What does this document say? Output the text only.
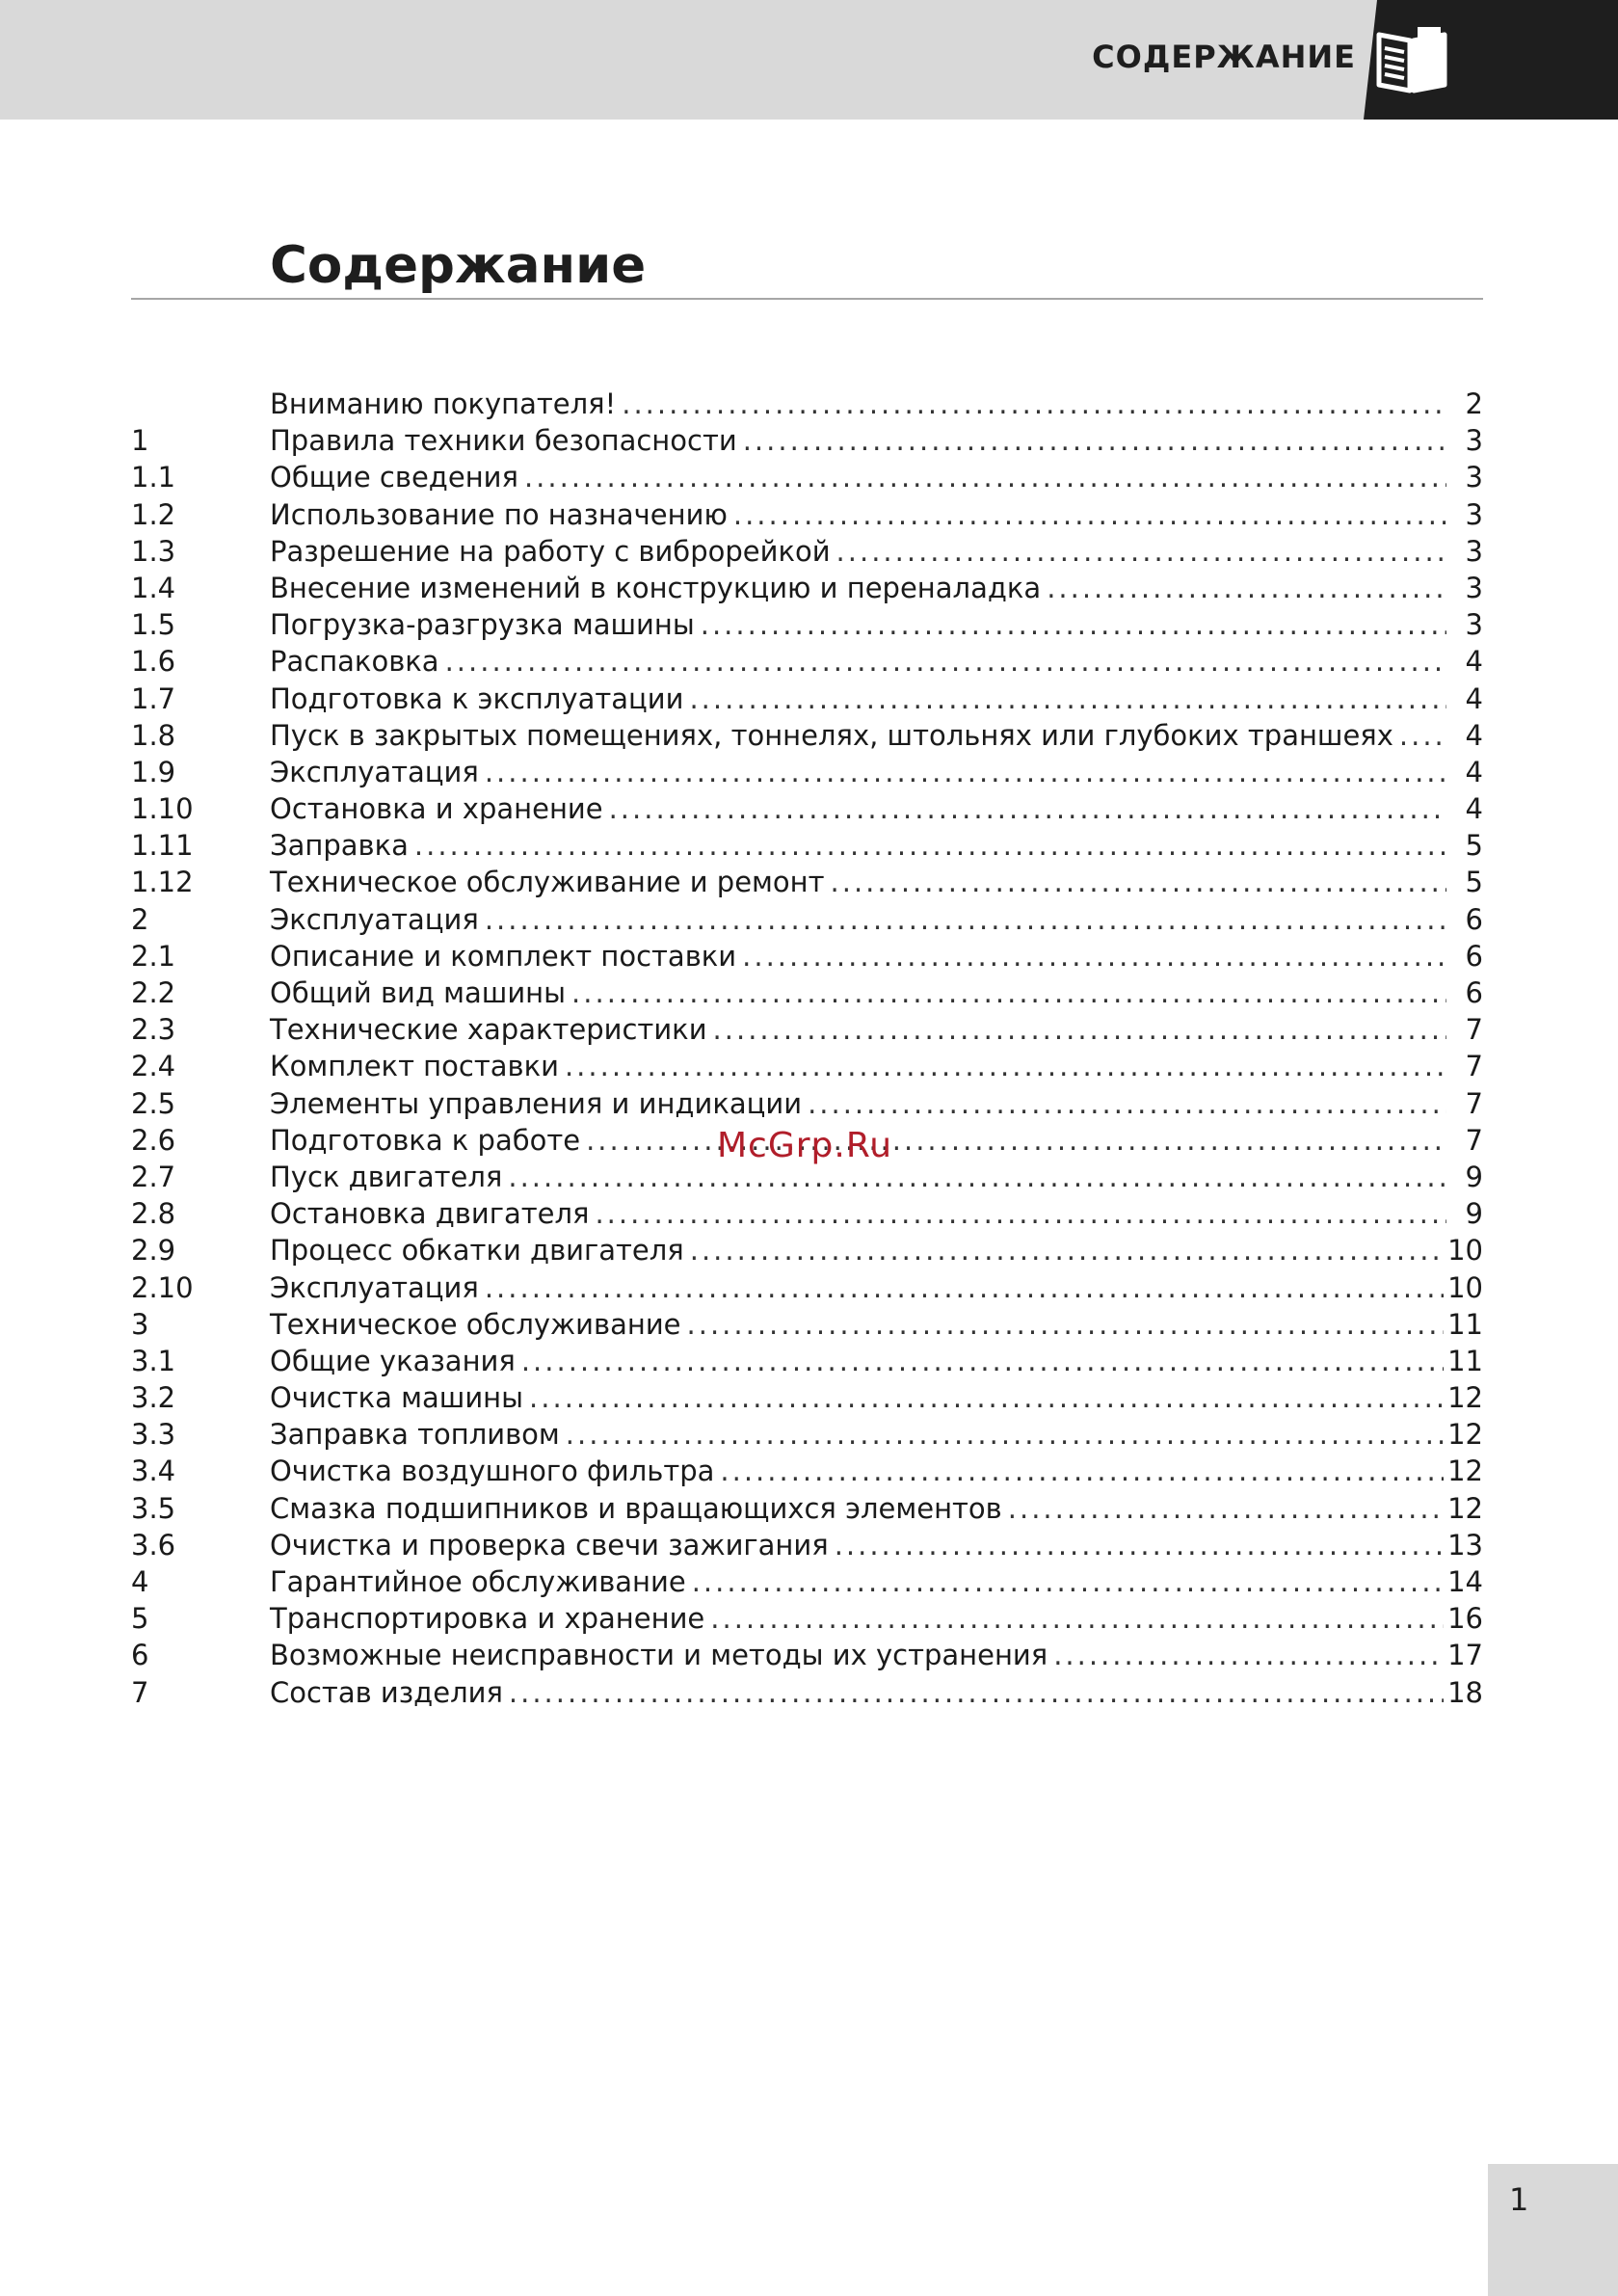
СОДЕРЖАНИЕ
Содержание
Вниманию покупателя! .....	2
1	Правила техники безопасности .....	3
1.1	Общие сведения .....	3
1.2	Использование по назначению .....	3
1.3	Разрешение на работу с виброрейкой .....	3
1.4	Внесение изменений в конструкцию и переналадка .....	3
1.5	Погрузка-разгрузка машины .....	3
1.6	Распаковка .....	4
1.7	Подготовка к эксплуатации .....	4
1.8	Пуск в закрытых помещениях, тоннелях, штольнях или глубоких траншеях .....	4
1.9	Эксплуатация .....	4
1.10	Остановка и хранение .....	4
1.11	Заправка .....	5
1.12	Техническое обслуживание и ремонт .....	5
2	Эксплуатация .....	6
2.1	Описание и комплект поставки .....	6
2.2	Общий вид машины .....	6
2.3	Технические характеристики .....	7
2.4	Комплект поставки .....	7
2.5	Элементы управления и индикации .....	7
2.6	Подготовка к работе .....	7
2.7	Пуск двигателя .....	9
2.8	Остановка двигателя .....	9
2.9	Процесс обкатки двигателя .....	10
2.10	Эксплуатация .....	10
3	Техническое обслуживание .....	11
3.1	Общие указания .....	11
3.2	Очистка машины .....	12
3.3	Заправка топливом .....	12
3.4	Очистка воздушного фильтра .....	12
3.5	Смазка подшипников и вращающихся элементов .....	12
3.6	Очистка и проверка свечи зажигания .....	13
4	Гарантийное обслуживание .....	14
5	Транспортировка и хранение .....	16
6	Возможные неисправности и методы их устранения .....	17
7	Состав изделия .....	18
McGrp.Ru
1
